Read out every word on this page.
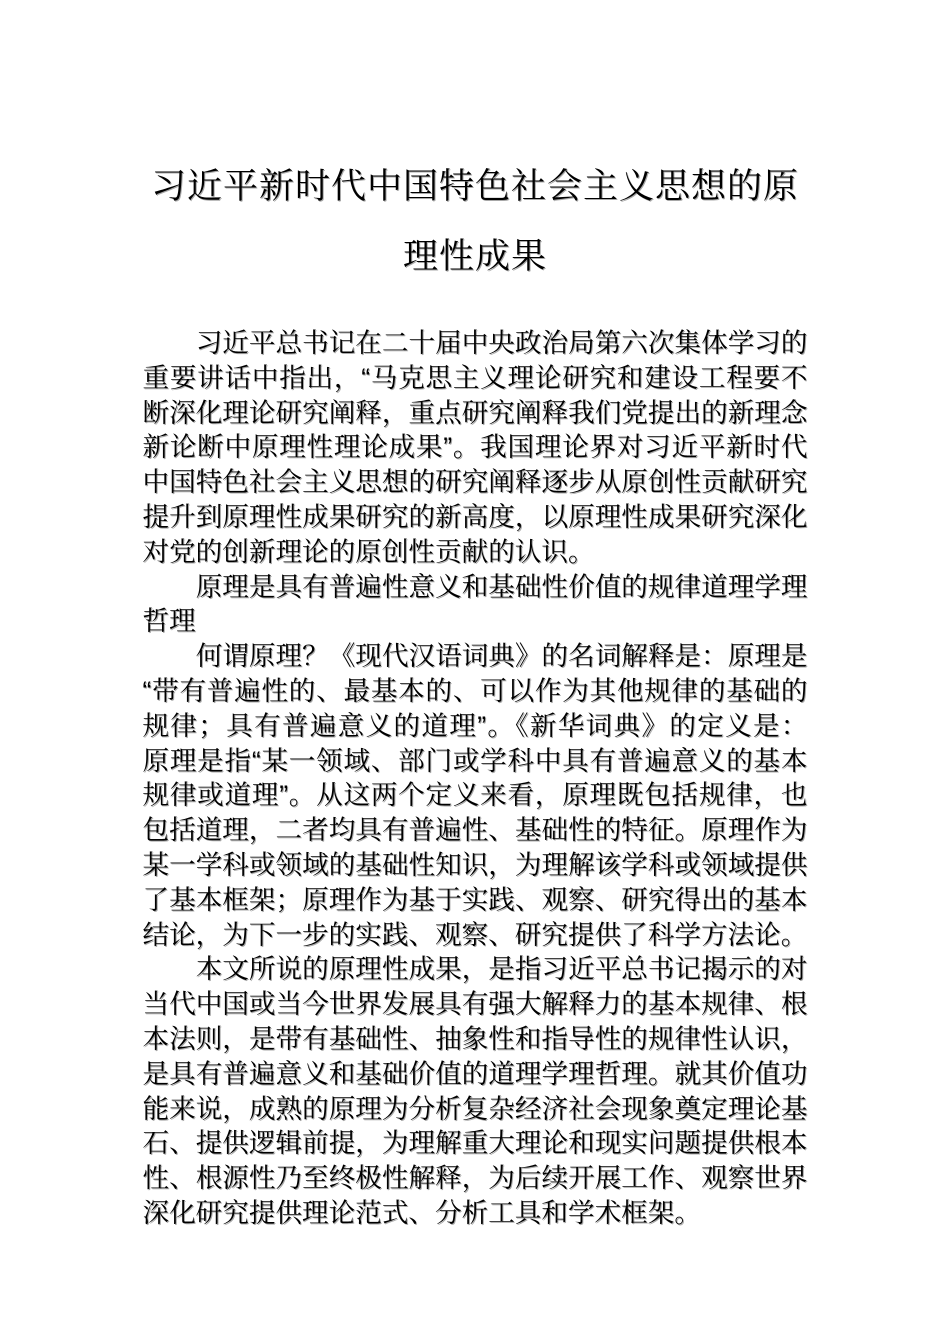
习近平新时代中国特色社会主义思想的原
理性成果
习近平总书记在二十届中央政治局第六次集体学习的
重要讲话中指出，“马克思主义理论研究和建设工程要不
断深化理论研究阐释，重点研究阐释我们党提出的新理念
新论断中原理性理论成果”。我国理论界对习近平新时代
中国特色社会主义思想的研究阐释逐步从原创性贡献研究
提升到原理性成果研究的新高度，以原理性成果研究深化
对党的创新理论的原创性贡献的认识。
原理是具有普遍性意义和基础性价值的规律道理学理
哲理
何谓原理？《现代汉语词典》的名词解释是：原理是
“带有普遍性的、最基本的、可以作为其他规律的基础的
规律；具有普遍意义的道理”。《新华词典》的定义是：
原理是指“某一领域、部门或学科中具有普遍意义的基本
规律或道理”。从这两个定义来看，原理既包括规律，也
包括道理，二者均具有普遍性、基础性的特征。原理作为
某一学科或领域的基础性知识，为理解该学科或领域提供
了基本框架；原理作为基于实践、观察、研究得出的基本
结论，为下一步的实践、观察、研究提供了科学方法论。
本文所说的原理性成果，是指习近平总书记揭示的对
当代中国或当今世界发展具有强大解释力的基本规律、根
本法则，是带有基础性、抽象性和指导性的规律性认识，
是具有普遍意义和基础价值的道理学理哲理。就其价值功
能来说，成熟的原理为分析复杂经济社会现象奠定理论基
石、提供逻辑前提，为理解重大理论和现实问题提供根本
性、根源性乃至终极性解释，为后续开展工作、观察世界
深化研究提供理论范式、分析工具和学术框架。
